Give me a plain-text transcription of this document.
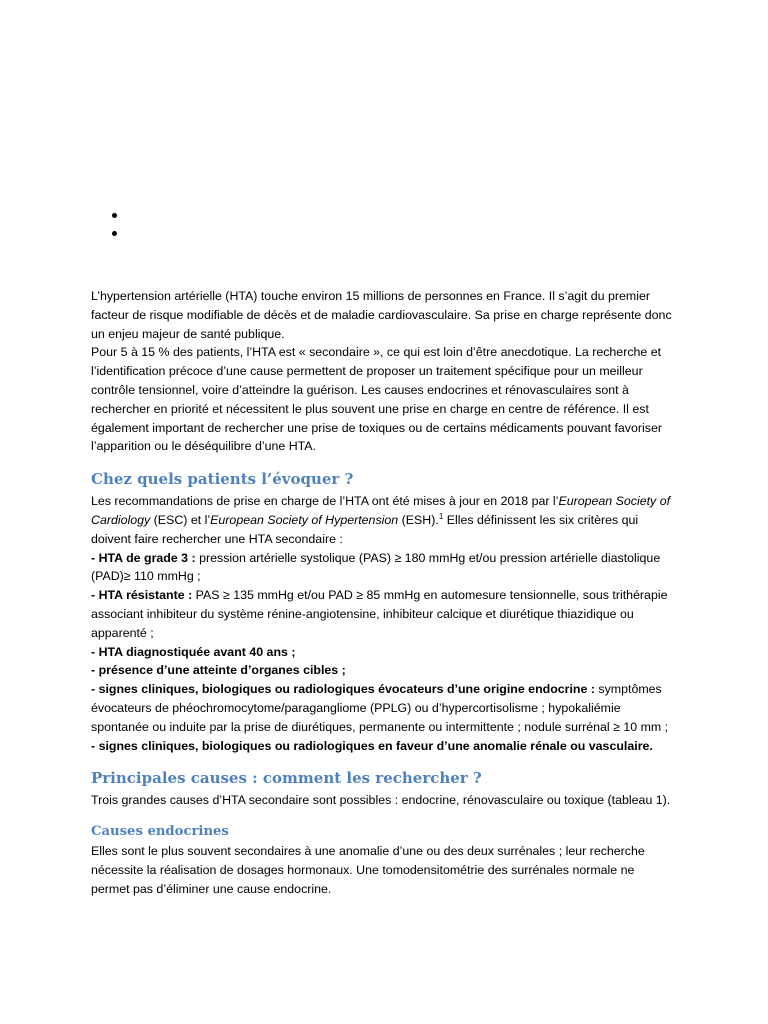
L’hypertension artérielle (HTA) touche environ 15 millions de personnes en France. Il s’agit du premier facteur de risque modifiable de décès et de maladie cardiovasculaire. Sa prise en charge représente donc un enjeu majeur de santé publique.

Pour 5 à 15 % des patients, l’HTA est « secondaire », ce qui est loin d’être anecdotique. La recherche et l’identification précoce d’une cause permettent de proposer un traitement spécifique pour un meilleur contrôle tensionnel, voire d’atteindre la guérison. Les causes endocrines et rénovasculaires sont à rechercher en priorité et nécessitent le plus souvent une prise en charge en centre de référence. Il est également important de rechercher une prise de toxiques ou de certains médicaments pouvant favoriser l’apparition ou le déséquilibre d’une HTA.

Chez quels patients l’évoquer ?

Les recommandations de prise en charge de l’HTA ont été mises à jour en 2018 par l’European Society of Cardiology (ESC) et l’European Society of Hypertension (ESH).$^1$ Elles définissent les six critères qui doivent faire rechercher une HTA secondaire :

- HTA de grade 3 : pression artérielle systolique (PAS) ≥ 180 mmHg et/ou pression artérielle diastolique (PAD)≥ 110 mmHg ;

- HTA résistante : PAS ≥ 135 mmHg et/ou PAD ≥ 85 mmHg en automesure tensionnelle, sous trithérapie associant inhibiteur du système rénine-angiotensine, inhibiteur calcique et diurétique thiazidique ou apparenté ;

- HTA diagnostiquée avant 40 ans ;

- présence d’une atteinte d’organes cibles ;

- signes cliniques, biologiques ou radiologiques évocateurs d’une origine endocrine : symptômes évocateurs de phéochromocytome/paragangliome (PPLG) ou d’hypercortisolisme ; hypokaliémie spontanée ou induite par la prise de diurétiques, permanente ou intermittente ; nodule surrénal ≥ 10 mm ;

- signes cliniques, biologiques ou radiologiques en faveur d’une anomalie rénale ou vasculaire.

Principales causes : comment les rechercher ?

Trois grandes causes d’HTA secondaire sont possibles : endocrine, rénovasculaire ou toxique (tableau 1).

Causes endocrines

Elles sont le plus souvent secondaires à une anomalie d’une ou des deux surrénales ; leur recherche nécessite la réalisation de dosages hormonaux. Une tomodensitométrie des surrénales normale ne permet pas d’éliminer une cause endocrine.
